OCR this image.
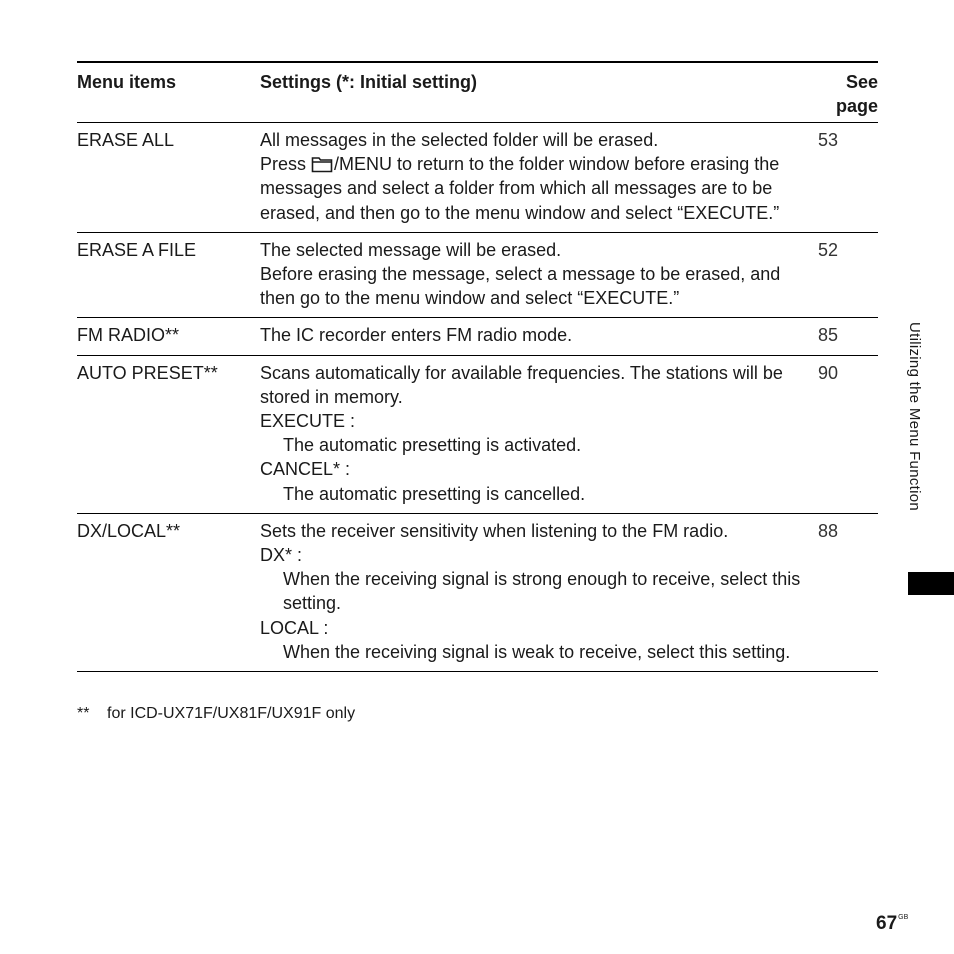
Menu items	Settings (*: Initial setting)	See page
ERASE ALL	All messages in the selected folder will be erased.
Press /MENU to return to the folder window before erasing the messages and select a folder from which all messages are to be erased, and then go to the menu window and select “EXECUTE.”	53
ERASE A FILE	The selected message will be erased.
Before erasing the message, select a message to be erased, and then go to the menu window and select “EXECUTE.”	52
FM RADIO**	The IC recorder enters FM radio mode.	85
AUTO PRESET**	Scans automatically for available frequencies. The stations will be stored in memory.
EXECUTE :
The automatic presetting is activated.
CANCEL* :
The automatic presetting is cancelled.	90
DX/LOCAL**	Sets the receiver sensitivity when listening to the FM radio.
DX* :
When the receiving signal is strong enough to receive, select this setting.
LOCAL :
When the receiving signal is weak to receive, select this setting.	88
** for ICD-UX71F/UX81F/UX91F only
Utilizing the Menu Function
$67^{GB}$
